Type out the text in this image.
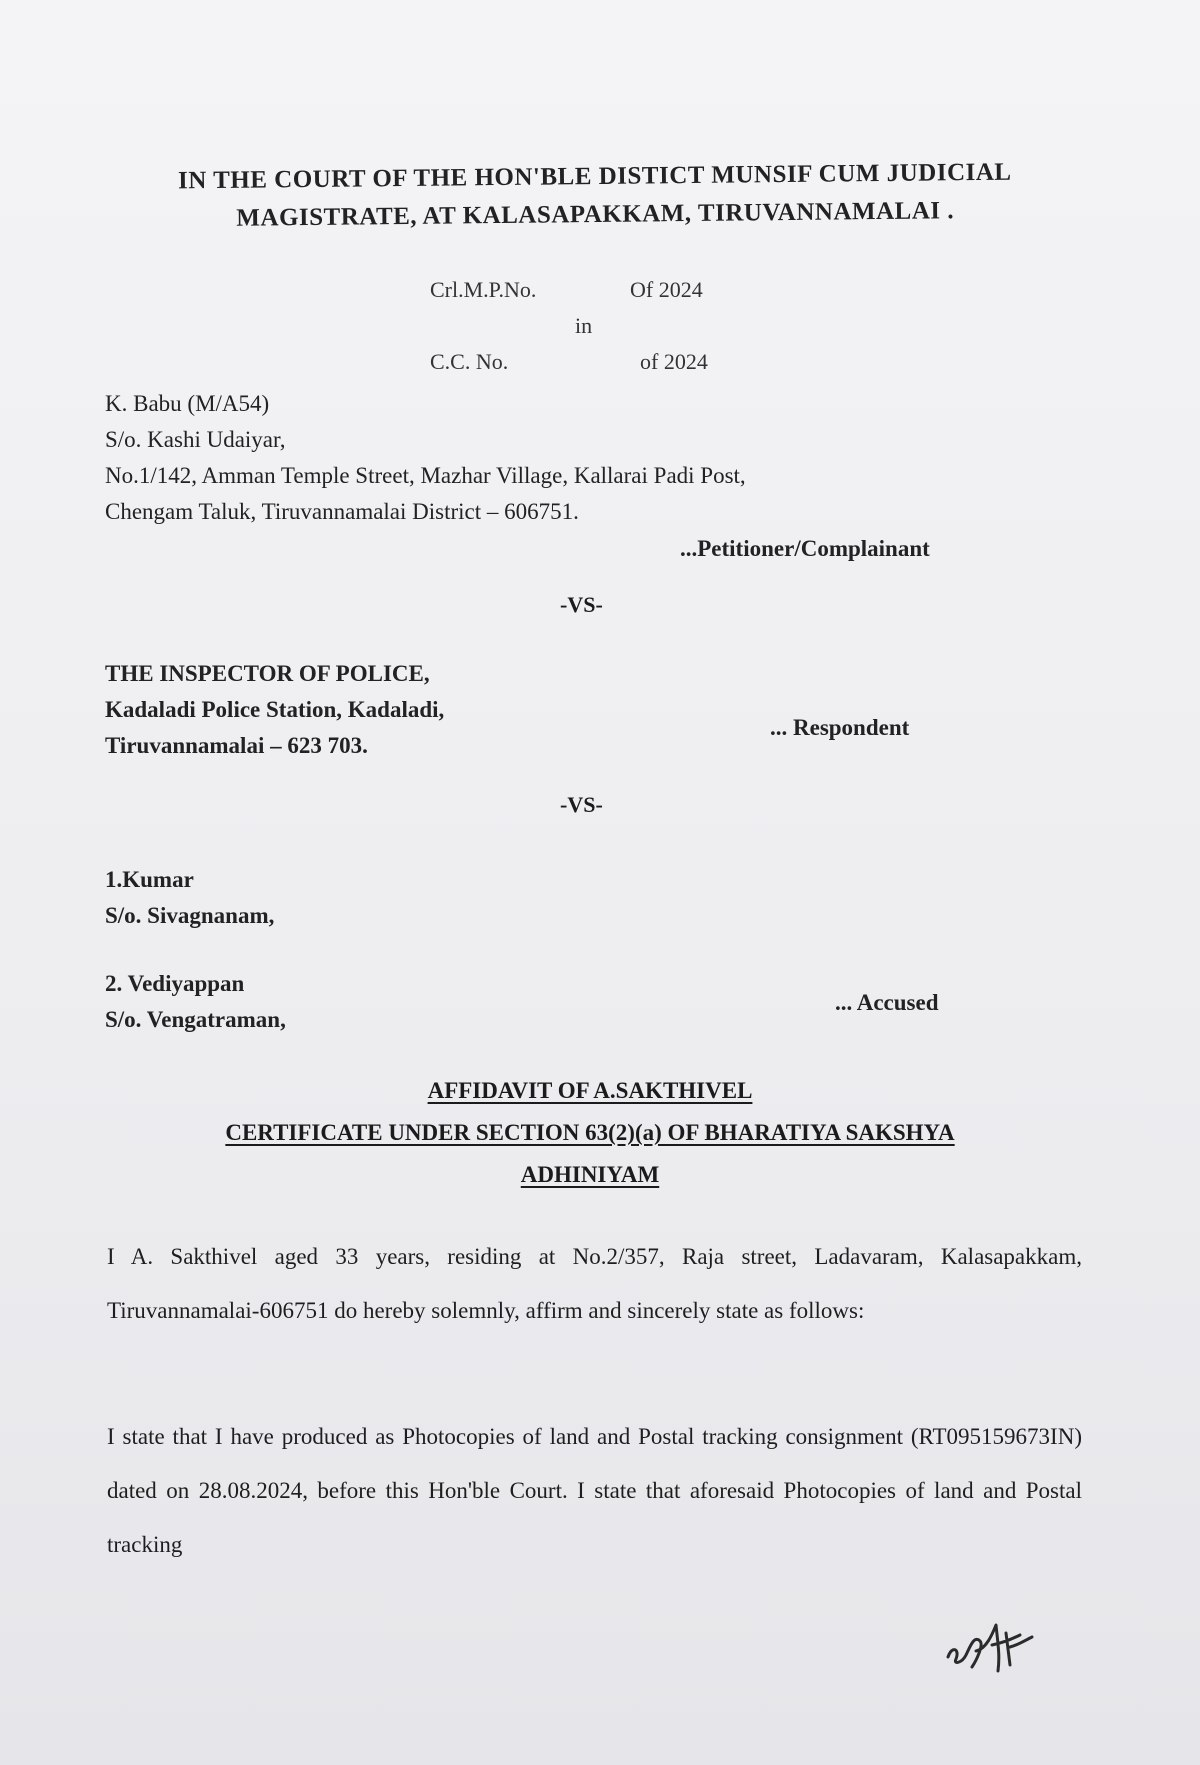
IN THE COURT OF THE HON'BLE DISTICT MUNSIF CUM JUDICIAL
MAGISTRATE, AT KALASAPAKKAM, TIRUVANNAMALAI .
Crl.M.P.No.	Of 2024
in
C.C. No.	of 2024
K. Babu (M/A54)
S/o. Kashi Udaiyar,
No.1/142, Amman Temple Street, Mazhar Village, Kallarai Padi Post,
Chengam Taluk, Tiruvannamalai District – 606751.
...Petitioner/Complainant
-VS-
THE INSPECTOR OF POLICE,
Kadaladi Police Station, Kadaladi,
Tiruvannamalai – 623 703.
... Respondent
-VS-
1.Kumar
S/o. Sivagnanam,
2. Vediyappan
S/o. Vengatraman,
... Accused
AFFIDAVIT OF A.SAKTHIVEL
CERTIFICATE UNDER SECTION 63(2)(a) OF BHARATIYA SAKSHYA
ADHINIYAM
I A. Sakthivel aged 33 years, residing at No.2/357, Raja street, Ladavaram, Kalasapakkam, Tiruvannamalai-606751 do hereby solemnly, affirm and sincerely state as follows:
I state that I have produced as Photocopies of land and Postal tracking consignment (RT095159673IN) dated on 28.08.2024, before this Hon'ble Court. I state that aforesaid Photocopies of land and Postal tracking
